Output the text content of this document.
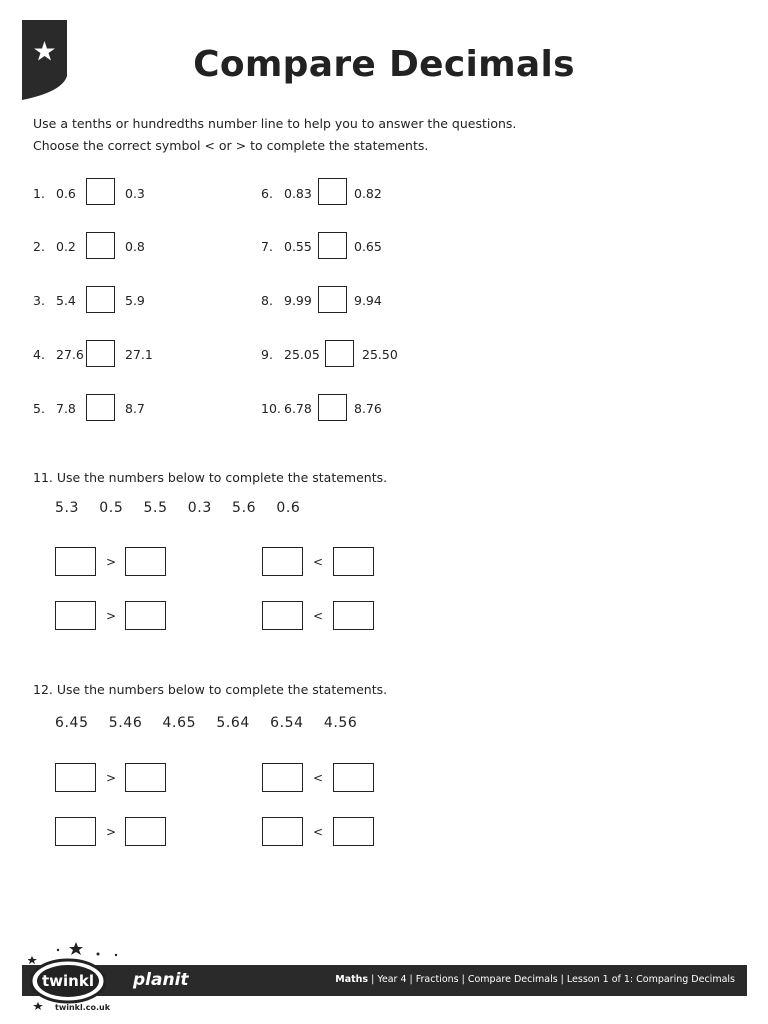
Compare Decimals
Use a tenths or hundredths number line to help you to answer the questions.
Choose the correct symbol < or > to complete the statements.
1. 0.6	0.3
2. 0.2	0.8
3. 5.4	5.9
4. 27.6	27.1
5. 7.8	8.7
6. 0.83	0.82
7. 0.55	0.65
8. 9.99	9.94
9. 25.05	25.50
10. 6.78	8.76
11. Use the numbers below to complete the statements.
5.3    0.5    5.5    0.3    5.6    0.6
>	<
>	<
12. Use the numbers below to complete the statements.
6.45    5.46    4.65    5.64    6.54    4.56
>	<
>	<
Maths | Year 4 | Fractions | Compare Decimals | Lesson 1 of 1: Comparing Decimals
twinkl planit
twinkl.co.uk
